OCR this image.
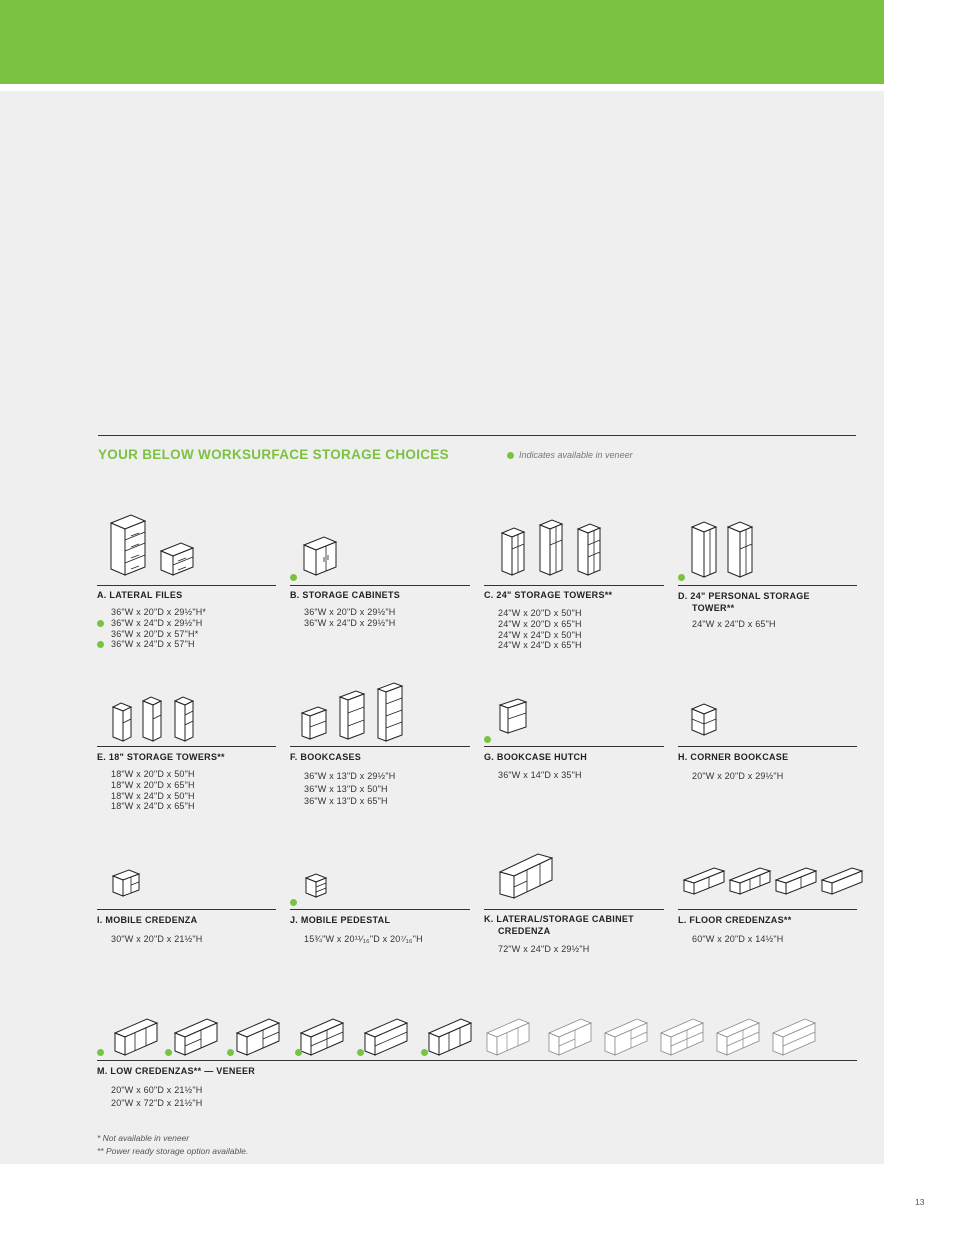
YOUR BELOW WORKSURFACE STORAGE CHOICES	Indicates available in veneer
A. LATERAL FILES
36"W x 20"D x 29½"H*
36"W x 24"D x 29½"H
36"W x 20"D x 57"H*
36"W x 24"D x 57"H
B. STORAGE CABINETS
36"W x 20"D x 29½"H
36"W x 24"D x 29½"H
C. 24" STORAGE TOWERS**
24"W x 20"D x 50"H
24"W x 20"D x 65"H
24"W x 24"D x 50"H
24"W x 24"D x 65"H
D. 24" PERSONAL STORAGE
TOWER**
24"W x 24"D x 65"H
E. 18" STORAGE TOWERS**
18"W x 20"D x 50"H
18"W x 20"D x 65"H
18"W x 24"D x 50"H
18"W x 24"D x 65"H
F. BOOKCASES
36"W x 13"D x 29½"H
36"W x 13"D x 50"H
36"W x 13"D x 65"H
G. BOOKCASE HUTCH
36"W x 14"D x 35"H
H. CORNER BOOKCASE
20"W x 20"D x 29½"H
I. MOBILE CREDENZA
30"W x 20"D x 21½"H
J. MOBILE PEDESTAL
15¾"W x 20¹¹⁄₁₆"D x 20⁷⁄₁₆"H
K. LATERAL/STORAGE CABINET
CREDENZA
72"W x 24"D x 29½"H
L. FLOOR CREDENZAS**
60"W x 20"D x 14½"H
M. LOW CREDENZAS** — VENEER
20"W x 60"D x 21½"H
20"W x 72"D x 21½"H
* Not available in veneer
** Power ready storage option available.
13
